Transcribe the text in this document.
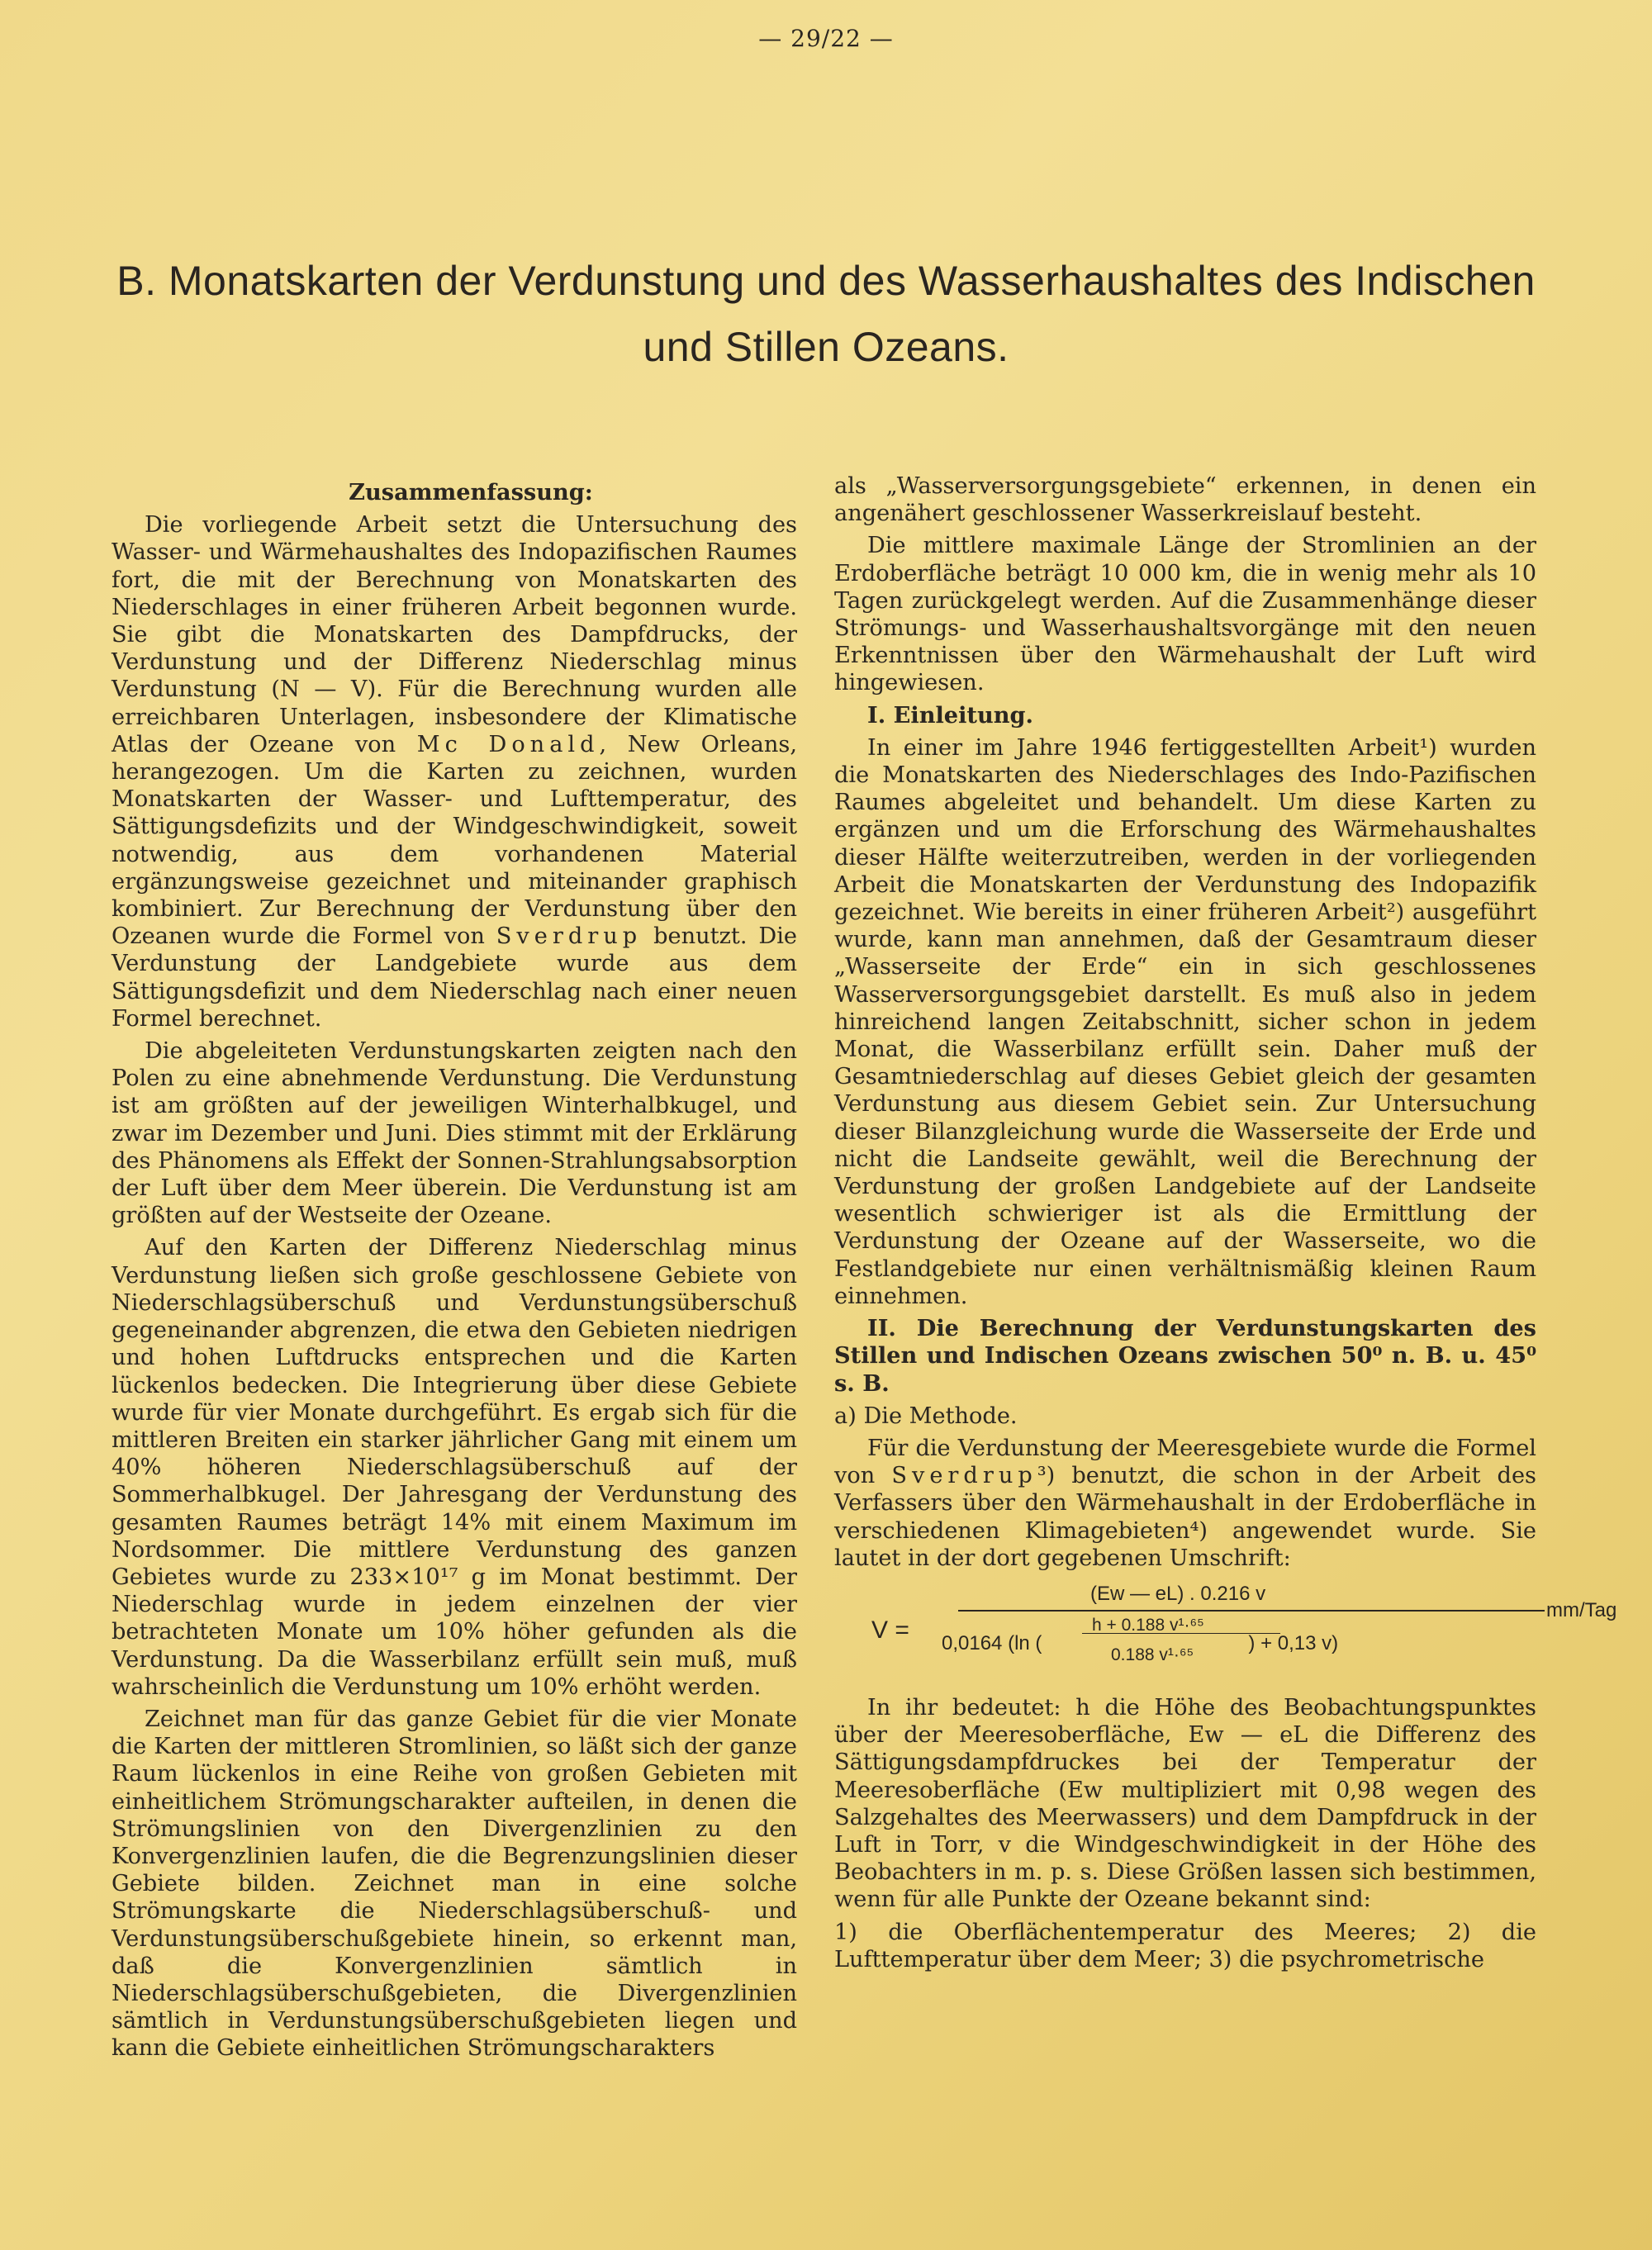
— 29/22 —
B. Monatskarten der Verdunstung und des Wasserhaushaltes des Indischen
und Stillen Ozeans.

Zusammenfassung:

Die vorliegende Arbeit setzt die Untersuchung des Wasser- und Wärmehaushaltes des Indopazifischen Raumes fort, die mit der Berechnung von Monatskarten des Niederschlages in einer früheren Arbeit begonnen wurde. Sie gibt die Monatskarten des Dampfdrucks, der Verdunstung und der Differenz Niederschlag minus Verdunstung (N — V). Für die Berechnung wurden alle erreichbaren Unterlagen, insbesondere der Klimatische Atlas der Ozeane von Mc Donald, New Orleans, herangezogen. Um die Karten zu zeichnen, wurden Monatskarten der Wasser- und Lufttemperatur, des Sättigungsdefizits und der Windgeschwindigkeit, soweit notwendig, aus dem vorhandenen Material ergänzungsweise gezeichnet und miteinander graphisch kombiniert. Zur Berechnung der Verdunstung über den Ozeanen wurde die Formel von Sverdrup benutzt. Die Verdunstung der Landgebiete wurde aus dem Sättigungsdefizit und dem Niederschlag nach einer neuen Formel berechnet.

Die abgeleiteten Verdunstungskarten zeigten nach den Polen zu eine abnehmende Verdunstung. Die Verdunstung ist am größten auf der jeweiligen Winterhalbkugel, und zwar im Dezember und Juni. Dies stimmt mit der Erklärung des Phänomens als Effekt der Sonnen-Strahlungsabsorption der Luft über dem Meer überein. Die Verdunstung ist am größten auf der Westseite der Ozeane.

Auf den Karten der Differenz Niederschlag minus Verdunstung ließen sich große geschlossene Gebiete von Niederschlagsüberschuß und Verdunstungsüberschuß gegeneinander abgrenzen, die etwa den Gebieten niedrigen und hohen Luftdrucks entsprechen und die Karten lückenlos bedecken. Die Integrierung über diese Gebiete wurde für vier Monate durchgeführt. Es ergab sich für die mittleren Breiten ein starker jährlicher Gang mit einem um 40% höheren Niederschlagsüberschuß auf der Sommerhalbkugel. Der Jahresgang der Verdunstung des gesamten Raumes beträgt 14% mit einem Maximum im Nordsommer. Die mittlere Verdunstung des ganzen Gebietes wurde zu 233×10¹⁷ g im Monat bestimmt. Der Niederschlag wurde in jedem einzelnen der vier betrachteten Monate um 10% höher gefunden als die Verdunstung. Da die Wasserbilanz erfüllt sein muß, muß wahrscheinlich die Verdunstung um 10% erhöht werden.

Zeichnet man für das ganze Gebiet für die vier Monate die Karten der mittleren Stromlinien, so läßt sich der ganze Raum lückenlos in eine Reihe von großen Gebieten mit einheitlichem Strömungscharakter aufteilen, in denen die Strömungslinien von den Divergenzlinien zu den Konvergenzlinien laufen, die die Begrenzungslinien dieser Gebiete bilden. Zeichnet man in eine solche Strömungskarte die Niederschlagsüberschuß- und Verdunstungsüberschußgebiete hinein, so erkennt man, daß die Konvergenzlinien sämtlich in Niederschlagsüberschußgebieten, die Divergenzlinien sämtlich in Verdunstungsüberschußgebieten liegen und kann die Gebiete einheitlichen Strömungscharakters

als „Wasserversorgungsgebiete“ erkennen, in denen ein angenähert geschlossener Wasserkreislauf besteht.

Die mittlere maximale Länge der Stromlinien an der Erdoberfläche beträgt 10 000 km, die in wenig mehr als 10 Tagen zurückgelegt werden. Auf die Zusammenhänge dieser Strömungs- und Wasserhaushaltsvorgänge mit den neuen Erkenntnissen über den Wärmehaushalt der Luft wird hingewiesen.

I. Einleitung.

In einer im Jahre 1946 fertiggestellten Arbeit¹) wurden die Monatskarten des Niederschlages des Indo-Pazifischen Raumes abgeleitet und behandelt. Um diese Karten zu ergänzen und um die Erforschung des Wärmehaushaltes dieser Hälfte weiterzutreiben, werden in der vorliegenden Arbeit die Monatskarten der Verdunstung des Indopazifik gezeichnet. Wie bereits in einer früheren Arbeit²) ausgeführt wurde, kann man annehmen, daß der Gesamtraum dieser „Wasserseite der Erde“ ein in sich geschlossenes Wasserversorgungsgebiet darstellt. Es muß also in jedem hinreichend langen Zeitabschnitt, sicher schon in jedem Monat, die Wasserbilanz erfüllt sein. Daher muß der Gesamtniederschlag auf dieses Gebiet gleich der gesamten Verdunstung aus diesem Gebiet sein. Zur Untersuchung dieser Bilanzgleichung wurde die Wasserseite der Erde und nicht die Landseite gewählt, weil die Berechnung der Verdunstung der großen Landgebiete auf der Landseite wesentlich schwieriger ist als die Ermittlung der Verdunstung der Ozeane auf der Wasserseite, wo die Festlandgebiete nur einen verhältnismäßig kleinen Raum einnehmen.

II. Die Berechnung der Verdunstungskarten des Stillen und Indischen Ozeans zwischen 50⁰ n. B. u. 45⁰ s. B.

a) Die Methode.

Für die Verdunstung der Meeresgebiete wurde die Formel von Sverdrup³) benutzt, die schon in der Arbeit des Verfassers über den Wärmehaushalt in der Erdoberfläche in verschiedenen Klimagebieten⁴) angewendet wurde. Sie lautet in der dort gegebenen Umschrift:

V =
(Ew — eL) . 0.216 v
mm/Tag
0,0164 (ln (	) + 0,13 v)
h + 0.188 v¹·⁶⁵
0.188 v¹·⁶⁵

In ihr bedeutet: h die Höhe des Beobachtungspunktes über der Meeresoberfläche, Ew — eL die Differenz des Sättigungsdampfdruckes bei der Temperatur der Meeresoberfläche (Ew multipliziert mit 0,98 wegen des Salzgehaltes des Meerwassers) und dem Dampfdruck in der Luft in Torr, v die Windgeschwindigkeit in der Höhe des Beobachters in m. p. s. Diese Größen lassen sich bestimmen, wenn für alle Punkte der Ozeane bekannt sind:

1) die Oberflächentemperatur des Meeres; 2) die Lufttemperatur über dem Meer; 3) die psychrometrische
